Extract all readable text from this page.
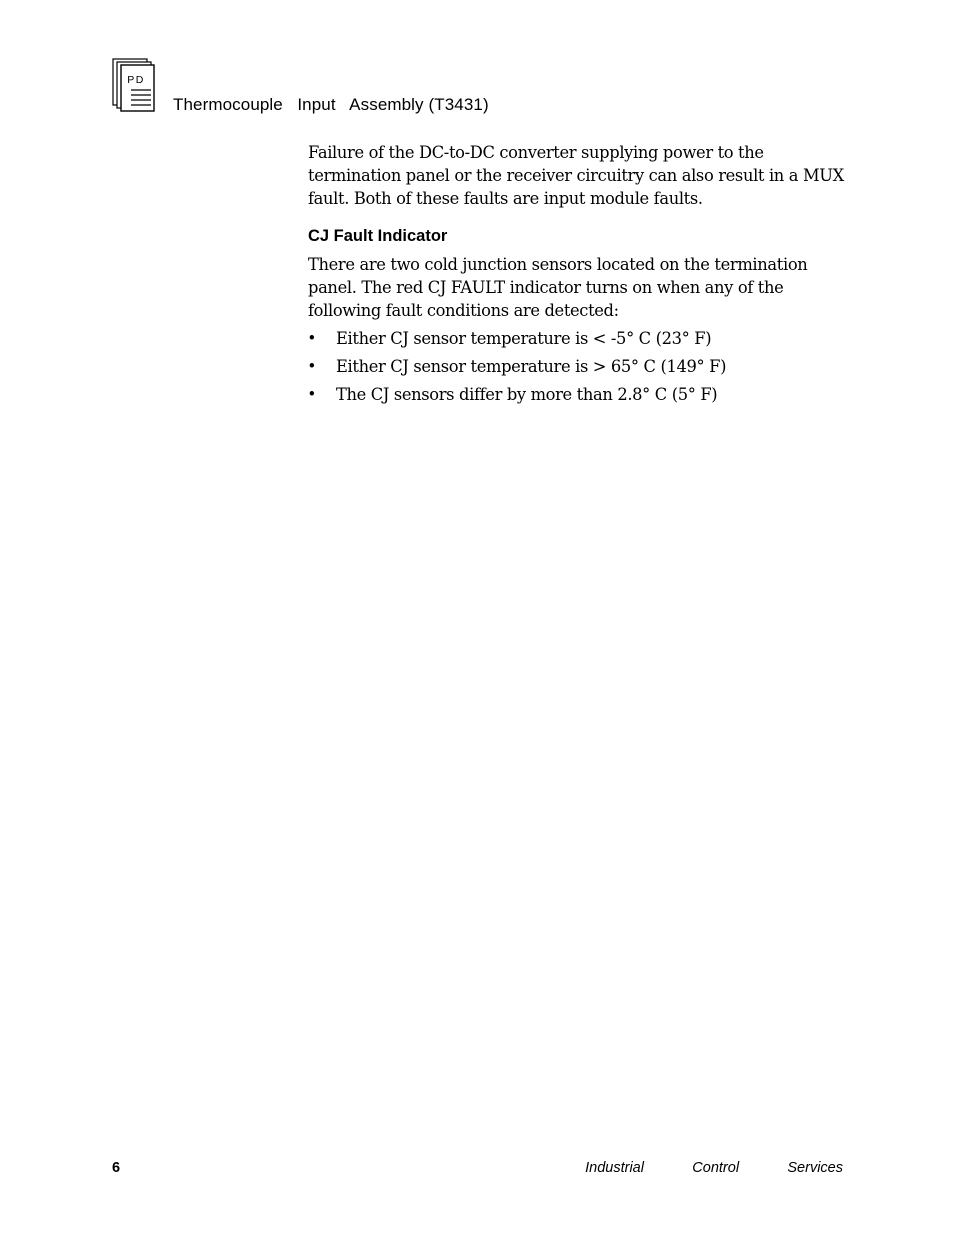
PD
Thermocouple   Input   Assembly (T3431)

Failure of the DC-to-DC converter supplying power to the termination panel or the receiver circuitry can also result in a MUX fault. Both of these faults are input module faults.

CJ Fault Indicator

There are two cold junction sensors located on the termination panel. The red CJ FAULT indicator turns on when any of the following fault conditions are detected:

• Either CJ sensor temperature is < -5° C (23° F)
• Either CJ sensor temperature is > 65° C (149° F)
• The CJ sensors differ by more than 2.8° C (5° F)
6	Industrial            Control            Services
